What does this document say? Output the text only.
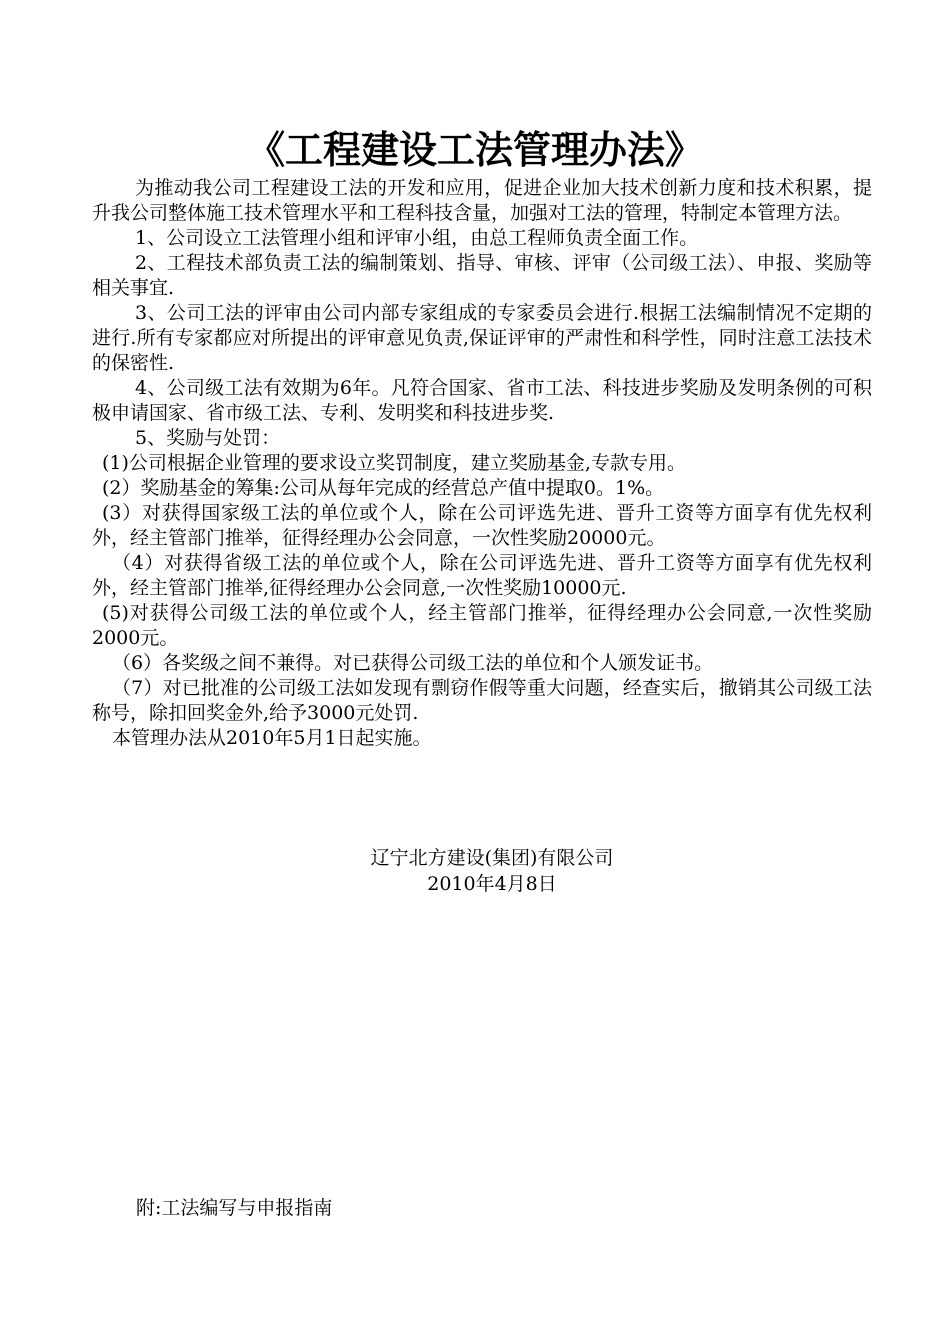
《工程建设工法管理办法》

为推动我公司工程建设工法的开发和应用，促进企业加大技术创新力度和技术积累，提升我公司整体施工技术管理水平和工程科技含量，加强对工法的管理，特制定本管理方法。

1、公司设立工法管理小组和评审小组，由总工程师负责全面工作。

2、工程技术部负责工法的编制策划、指导、审核、评审（公司级工法）、申报、奖励等相关事宜.

3、公司工法的评审由公司内部专家组成的专家委员会进行.根据工法编制情况不定期的进行.所有专家都应对所提出的评审意见负责,保证评审的严肃性和科学性，同时注意工法技术的保密性.

4、公司级工法有效期为6年。凡符合国家、省市工法、科技进步奖励及发明条例的可积极申请国家、省市级工法、专利、发明奖和科技进步奖.

5、奖励与处罚：

(1)公司根据企业管理的要求设立奖罚制度，建立奖励基金,专款专用。

(2）奖励基金的筹集:公司从每年完成的经营总产值中提取0。1%。

(3）对获得国家级工法的单位或个人，除在公司评选先进、晋升工资等方面享有优先权利外，经主管部门推举，征得经理办公会同意，一次性奖励20000元。

（4）对获得省级工法的单位或个人，除在公司评选先进、晋升工资等方面享有优先权利外，经主管部门推举,征得经理办公会同意,一次性奖励10000元.

(5)对获得公司级工法的单位或个人，经主管部门推举，征得经理办公会同意,一次性奖励2000元。

（6）各奖级之间不兼得。对已获得公司级工法的单位和个人颁发证书。

（7）对已批准的公司级工法如发现有剽窃作假等重大问题，经查实后，撤销其公司级工法称号，除扣回奖金外,给予3000元处罚.

本管理办法从2010年5月1日起实施。

辽宁北方建设(集团)有限公司
2010年4月8日
附:工法编写与申报指南
